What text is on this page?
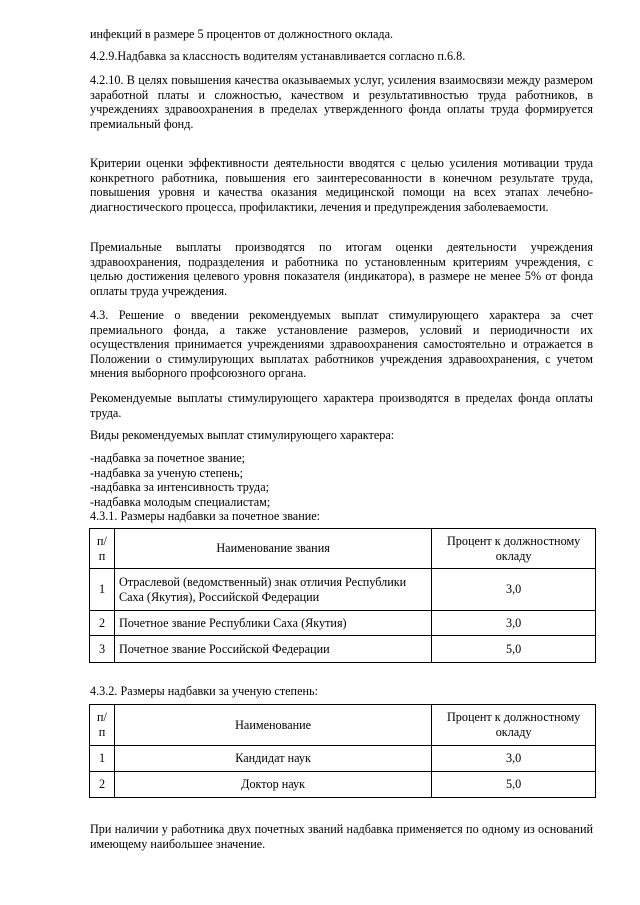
инфекций в размере 5 процентов от должностного оклада.

4.2.9.Надбавка за классность водителям устанавливается согласно п.6.8.

4.2.10. В целях повышения качества оказываемых услуг, усиления взаимосвязи между размером заработной платы и сложностью, качеством и результативностью труда работников, в учреждениях здравоохранения в пределах утвержденного фонда оплаты труда формируется премиальный фонд.

Критерии оценки эффективности деятельности вводятся с целью усиления мотивации труда конкретного работника, повышения его заинтересованности в конечном результате труда, повышения уровня и качества оказания медицинской помощи на всех этапах лечебно-диагностического процесса, профилактики, лечения и предупреждения заболеваемости.

Премиальные выплаты производятся по итогам оценки деятельности учреждения здравоохранения, подразделения и работника по установленным критериям учреждения, с целью достижения целевого уровня показателя (индикатора), в размере не менее 5% от фонда оплаты труда учреждения.

4.3. Решение о введении рекомендуемых выплат стимулирующего характера за счет премиального фонда, а также установление размеров, условий и периодичности их осуществления принимается учреждениями здравоохранения самостоятельно и отражается в Положении о стимулирующих выплатах работников учреждения здравоохранения, с учетом мнения выборного профсоюзного органа.

Рекомендуемые выплаты стимулирующего характера производятся в пределах фонда оплаты труда.

Виды рекомендуемых выплат стимулирующего характера:

-надбавка за почетное звание;
-надбавка за ученую степень;
-надбавка за интенсивность труда;
-надбавка молодым специалистам;

4.3.1. Размеры надбавки за почетное звание:

п/п	Наименование звания	Процент к должностному окладу
1	Отраслевой (ведомственный) знак отличия Республики Саха (Якутия), Российской Федерации	3,0
2	Почетное звание Республики Саха (Якутия)	3,0
3	Почетное звание Российской Федерации	5,0

4.3.2. Размеры надбавки за ученую степень:

п/п	Наименование	Процент к должностному окладу
1	Кандидат наук	3,0
2	Доктор наук	5,0

При наличии у работника двух почетных званий надбавка применяется по одному из оснований имеющему наибольшее значение.
